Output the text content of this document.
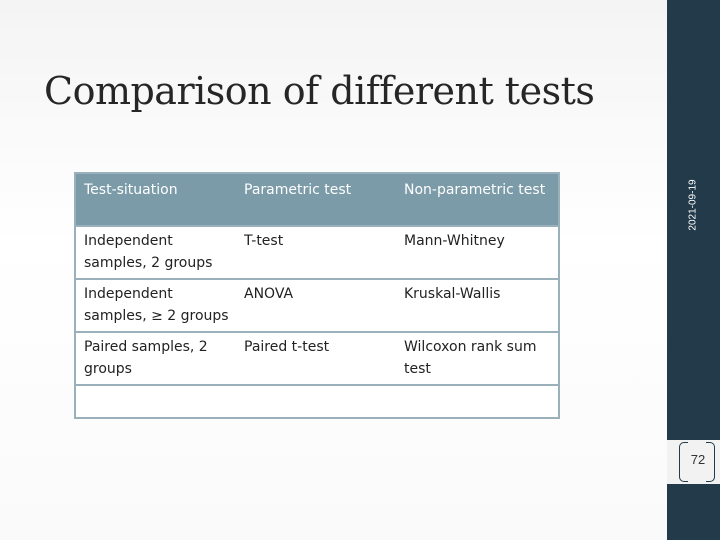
Comparison of different tests
2021-09-19
72
Test-situation	Parametric test	Non-parametric test
Independent samples, 2 groups	T-test	Mann-Whitney
Independent samples, ≥ 2 groups	ANOVA	Kruskal-Wallis
Paired samples, 2 groups	Paired t-test	Wilcoxon rank sum test
